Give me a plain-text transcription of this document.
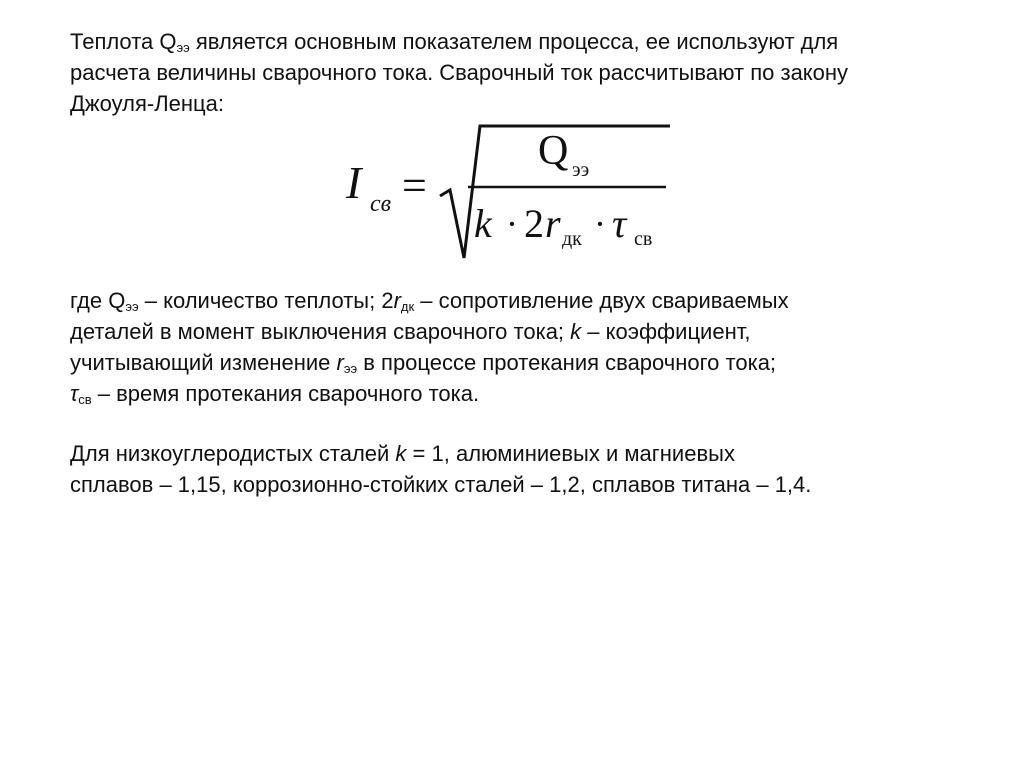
Теплота $Q_{ээ}$ является основным показателем процесса, ее используют для
расчета величины сварочного тока. Сварочный ток рассчитывают по закону
Джоуля-Ленца:

I св =
Q ээ
k · 2 r дк · τ св

где $Q_{ээ}$ – количество теплоты; $2r_{дк}$ – сопротивление двух свариваемых
деталей в момент выключения сварочного тока; k – коэффициент,
учитывающий изменение $r_{ээ}$ в процессе протекания сварочного тока;
$\tau_{св}$ – время протекания сварочного тока.

Для низкоуглеродистых сталей k = 1, алюминиевых и магниевых
сплавов – 1,15, коррозионно-стойких сталей – 1,2, сплавов титана – 1,4.
